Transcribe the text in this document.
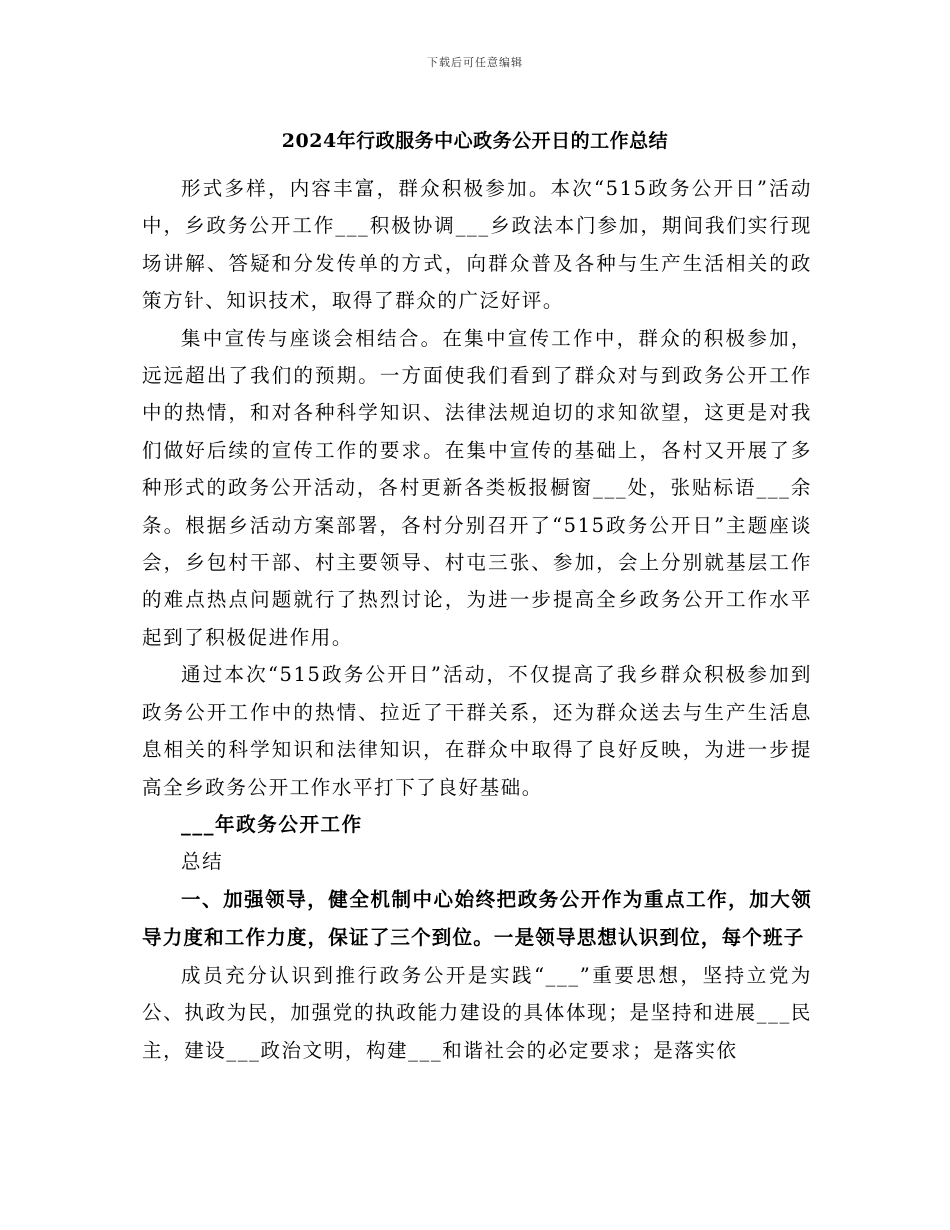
下载后可任意编辑
2024年行政服务中心政务公开日的工作总结

形式多样，内容丰富，群众积极参加。本次“515政务公开日”活动中，乡政务公开工作___积极协调___乡政法本门参加，期间我们实行现场讲解、答疑和分发传单的方式，向群众普及各种与生产生活相关的政策方针、知识技术，取得了群众的广泛好评。

集中宣传与座谈会相结合。在集中宣传工作中，群众的积极参加，远远超出了我们的预期。一方面使我们看到了群众对与到政务公开工作中的热情，和对各种科学知识、法律法规迫切的求知欲望，这更是对我们做好后续的宣传工作的要求。在集中宣传的基础上，各村又开展了多种形式的政务公开活动，各村更新各类板报橱窗___处，张贴标语___余条。根据乡活动方案部署，各村分别召开了“515政务公开日”主题座谈会，乡包村干部、村主要领导、村屯三张、参加，会上分别就基层工作的难点热点问题就行了热烈讨论，为进一步提高全乡政务公开工作水平起到了积极促进作用。

通过本次“515政务公开日”活动，不仅提高了我乡群众积极参加到政务公开工作中的热情、拉近了干群关系，还为群众送去与生产生活息息相关的科学知识和法律知识，在群众中取得了良好反映，为进一步提高全乡政务公开工作水平打下了良好基础。

___年政务公开工作

总结

一、加强领导，健全机制中心始终把政务公开作为重点工作，加大领导力度和工作力度，保证了三个到位。一是领导思想认识到位，每个班子

成员充分认识到推行政务公开是实践“___”重要思想，坚持立党为公、执政为民，加强党的执政能力建设的具体体现；是坚持和进展___民主，建设___政治文明，构建___和谐社会的必定要求；是落实依
